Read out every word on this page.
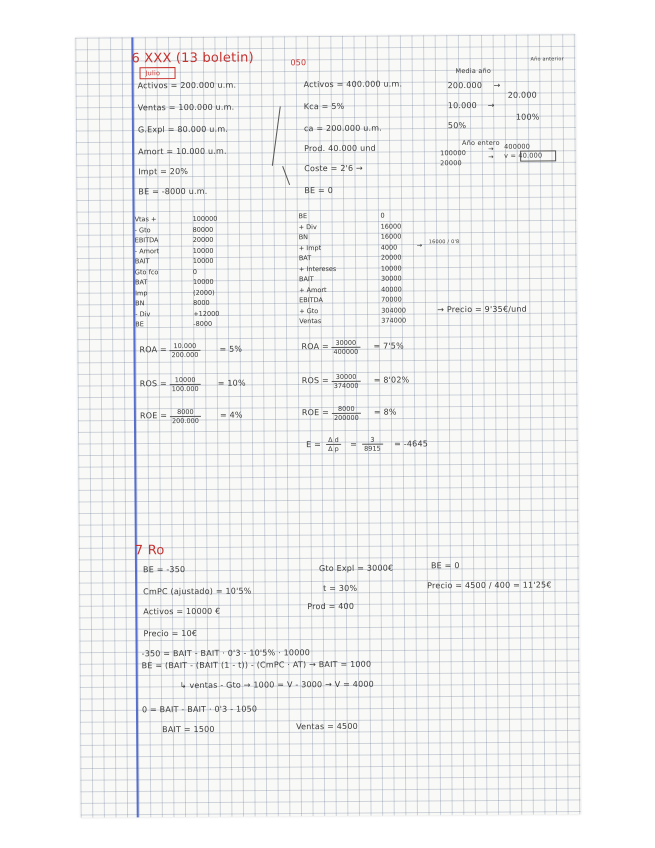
6 XXX (13 boletin)
Julio
050	Año anterior
Activos = 200.000 u.m.
Ventas = 100.000 u.m.
G.Expl = 80.000 u.m.
Amort = 10.000 u.m.
Impt = 20%
BE = -8000 u.m.
Activos = 400.000 u.m.
Kca = 5%
ca = 200.000 u.m.
Prod. 40.000 und
Coste = 2'6 →
BE = 0
Media año
200.000 →
20.000
10.000 →
100%
50%
Año entero
100000
→ 400000
20000
→ v = 40.000
Vtas +	100000
- Gto	80000
EBITDA	20000
- Amort	10000
BAIT	10000
Gto fco	0
BAT	10000
Imp	(2000)
BN	8000
- Div	+12000
BE	-8000
BE	0
+ Div	16000
BN	16000
+ Impt	4000
BAT	20000
+ Intereses	10000
BAIT	30000
+ Amort	40000
EBITDA	70000
+ Gto	304000
Ventas	374000
→ 16000 / 0'8
→ Precio = 9'35€/und
ROA = $\frac{10.000}{200.000} = 5\%$
ROS = $\frac{10000}{100.000} = 10\%$
ROE = $\frac{8000}{200.000} = 4\%$
ROA = $\frac{30000}{400000} = 7'5\%$
ROS = $\frac{30000}{374000} = 8'02\%$
ROE = $\frac{8000}{200000} = 8\%$
$E = \frac{\text{Δ d}}{\text{Δ p}} = \frac{3}{8915} = -4645$
7 Ro
BE = -350
CmPC (ajustado) = 10'5%
Activos = 10000 €
Precio = 10€
Gto Expl = 3000€
t = 30%
Prod = 400
BE = 0
Precio = 4500 / 400 = 11'25€
-350 = BAIT - BAIT · 0'3 - 10'5% · 10000
BE = (BAIT - (BAIT (1 - t)) - (CmPC · AT) → BAIT = 1000
↳ ventas - Gto → 1000 = V - 3000 → V = 4000
0 = BAIT - BAIT · 0'3 - 1050
BAIT = 1500	Ventas = 4500
